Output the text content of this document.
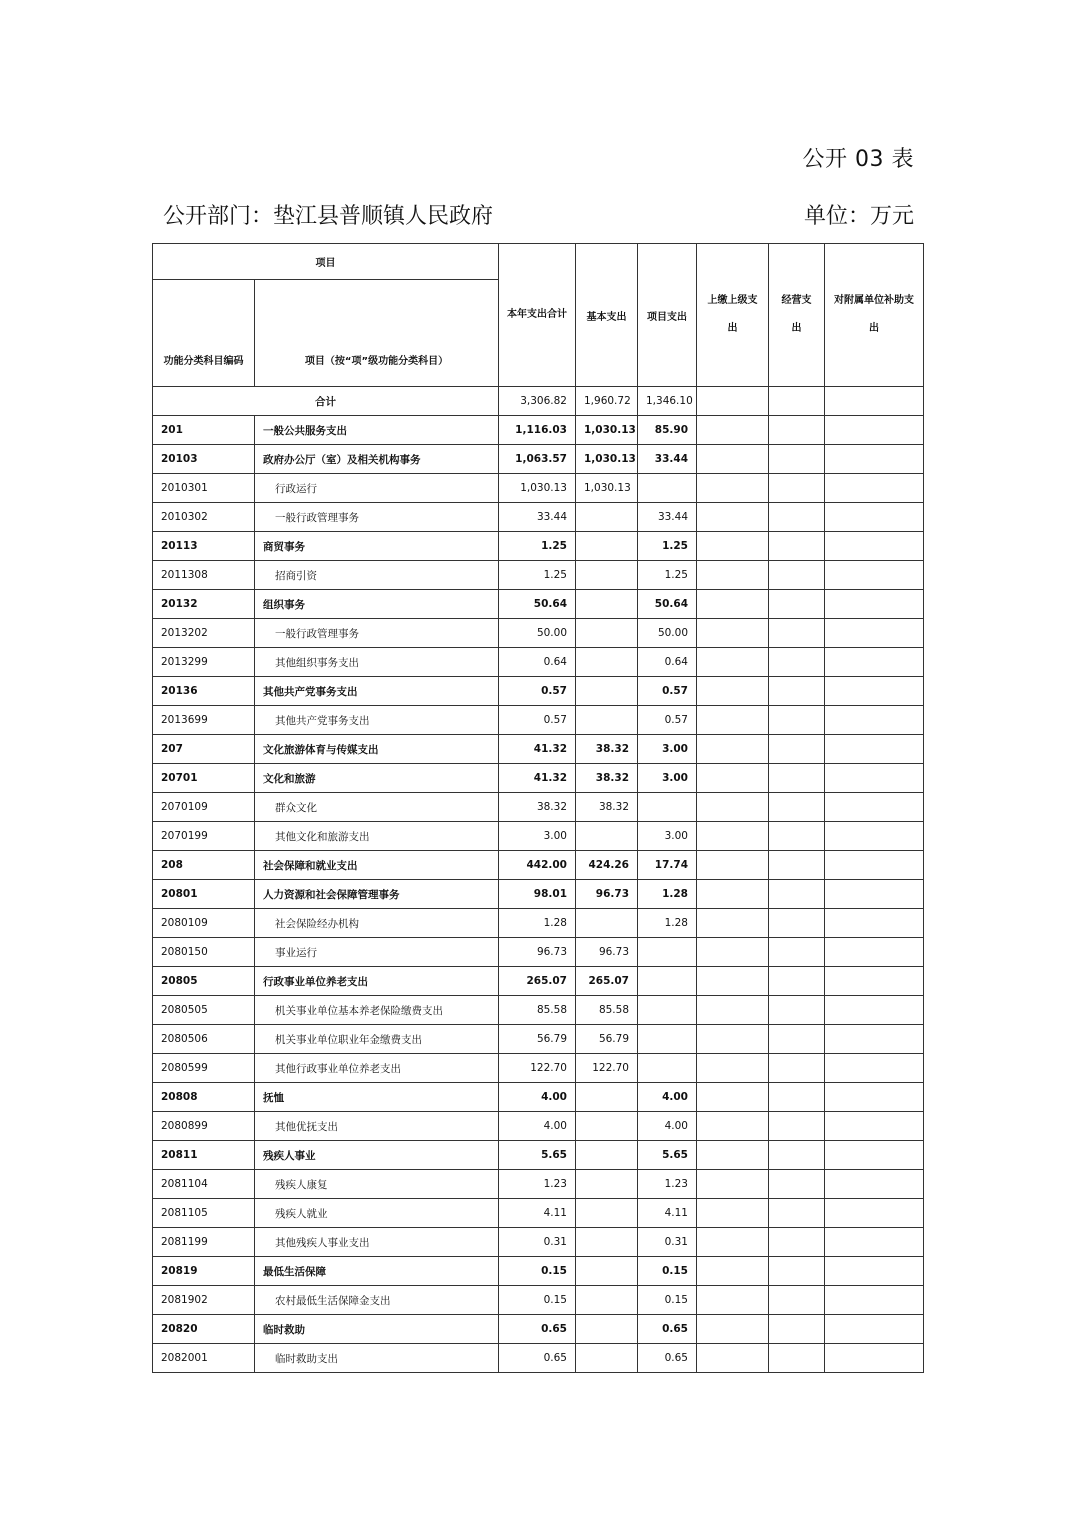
公开 03 表
公开部门：垫江县普顺镇人民政府	单位：万元
项目		本年支出合计	基本支出	项目支出	上缴上级支出	经营支出	对附属单位补助支出
功能分类科目编码	项目（按“项”级功能分类科目）						
合计		3,306.82	1,960.72	1,346.10			
201	一般公共服务支出	1,116.03	1,030.13	85.90			
20103	政府办公厅（室）及相关机构事务	1,063.57	1,030.13	33.44			
2010301	行政运行	1,030.13	1,030.13				
2010302	一般行政管理事务	33.44		33.44			
20113	商贸事务	1.25		1.25			
2011308	招商引资	1.25		1.25			
20132	组织事务	50.64		50.64			
2013202	一般行政管理事务	50.00		50.00			
2013299	其他组织事务支出	0.64		0.64			
20136	其他共产党事务支出	0.57		0.57			
2013699	其他共产党事务支出	0.57		0.57			
207	文化旅游体育与传媒支出	41.32	38.32	3.00			
20701	文化和旅游	41.32	38.32	3.00			
2070109	群众文化	38.32	38.32				
2070199	其他文化和旅游支出	3.00		3.00			
208	社会保障和就业支出	442.00	424.26	17.74			
20801	人力资源和社会保障管理事务	98.01	96.73	1.28			
2080109	社会保险经办机构	1.28		1.28			
2080150	事业运行	96.73	96.73				
20805	行政事业单位养老支出	265.07	265.07				
2080505	机关事业单位基本养老保险缴费支出	85.58	85.58				
2080506	机关事业单位职业年金缴费支出	56.79	56.79				
2080599	其他行政事业单位养老支出	122.70	122.70				
20808	抚恤	4.00		4.00			
2080899	其他优抚支出	4.00		4.00			
20811	残疾人事业	5.65		5.65			
2081104	残疾人康复	1.23		1.23			
2081105	残疾人就业	4.11		4.11			
2081199	其他残疾人事业支出	0.31		0.31			
20819	最低生活保障	0.15		0.15			
2081902	农村最低生活保障金支出	0.15		0.15			
20820	临时救助	0.65		0.65			
2082001	临时救助支出	0.65		0.65			
